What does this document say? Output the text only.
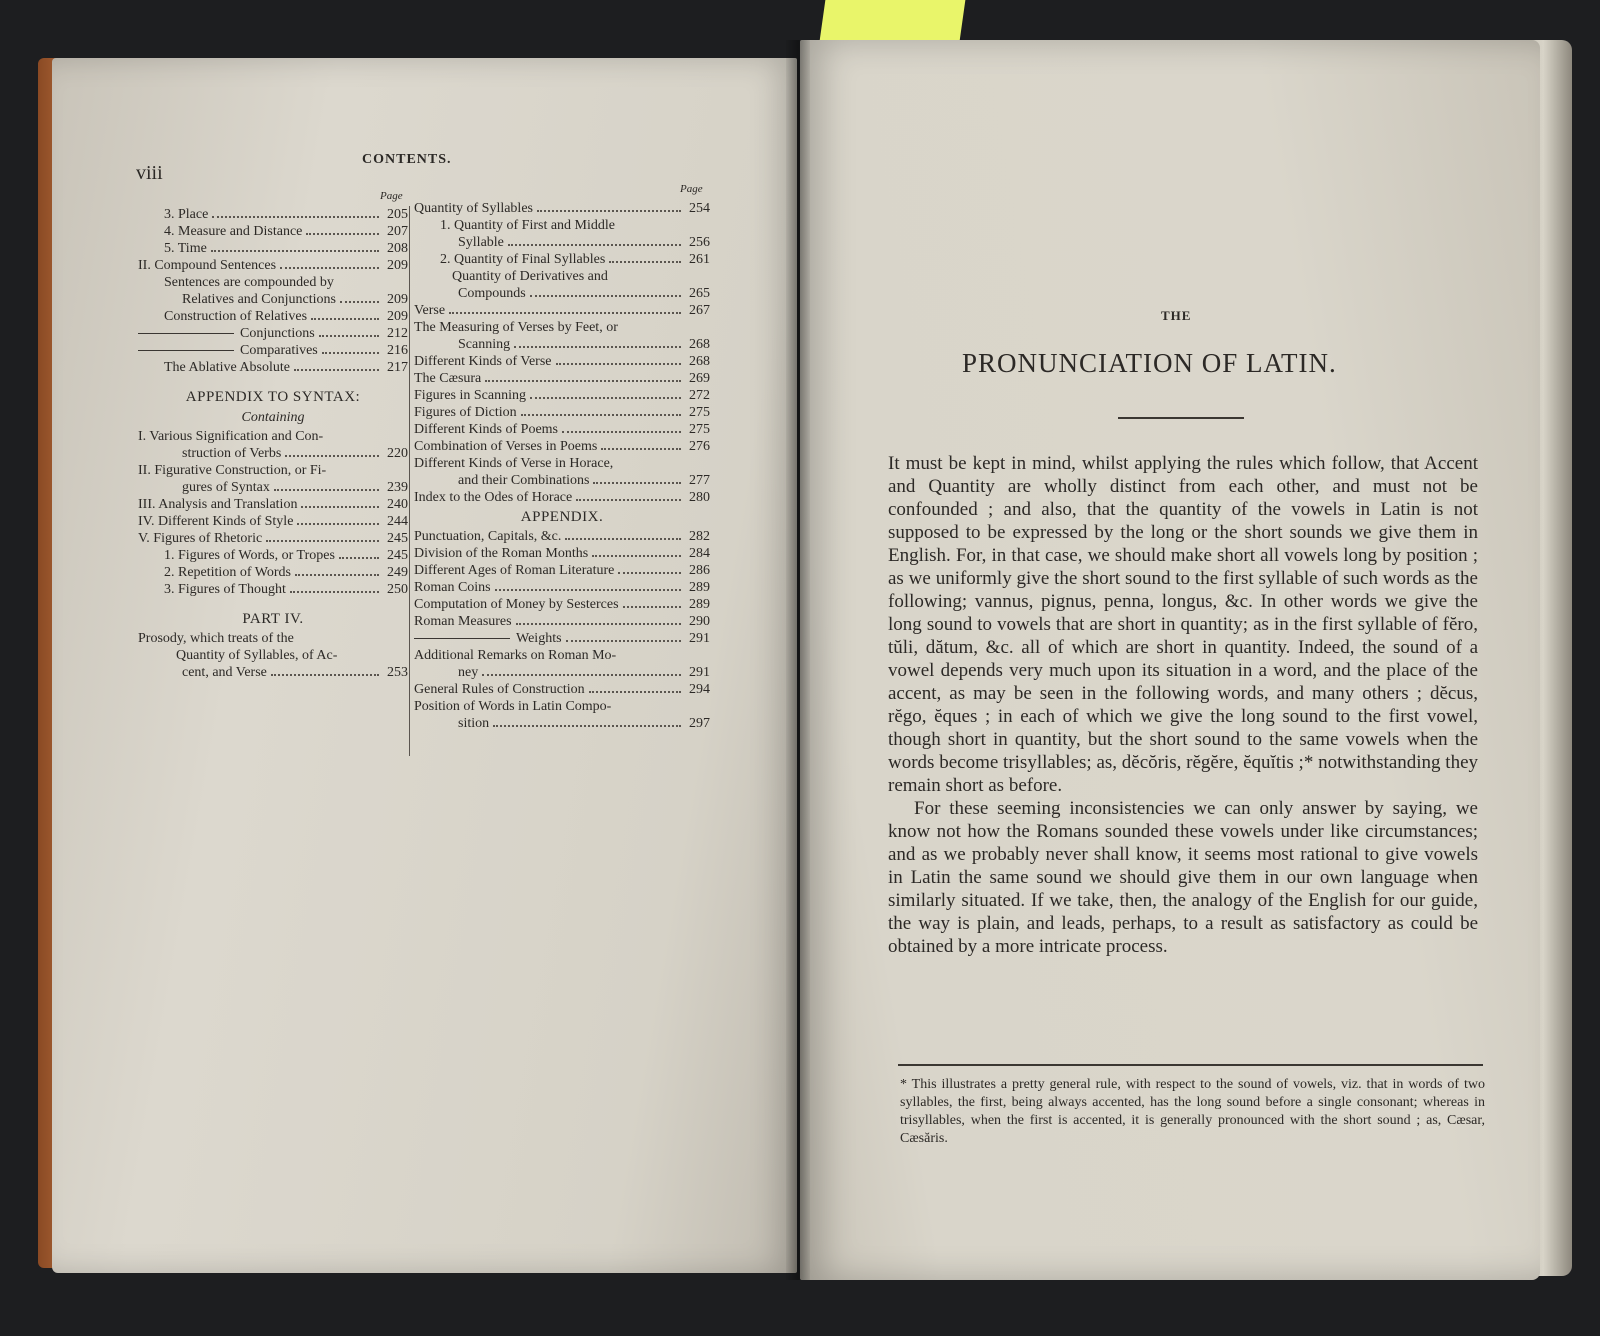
viii
CONTENTS.
Page
Page
3. Place	205
4. Measure and Distance	207
5. Time	208
II. Compound Sentences	209
Sentences are compounded by
Relatives and Conjunctions	209
Construction of Relatives	209
Conjunctions	212
Comparatives	216
The Ablative Absolute	217
APPENDIX TO SYNTAX:
Containing
I. Various Signification and Con-
struction of Verbs	220
II. Figurative Construction, or Fi-
gures of Syntax	239
III. Analysis and Translation	240
IV. Different Kinds of Style	244
V. Figures of Rhetoric	245
1. Figures of Words, or Tropes	245
2. Repetition of Words	249
3. Figures of Thought	250
PART IV.
Prosody, which treats of the
Quantity of Syllables, of Ac-
cent, and Verse	253
Quantity of Syllables	254
1. Quantity of First and Middle
Syllable	256
2. Quantity of Final Syllables	261
Quantity of Derivatives and
Compounds	265
Verse	267
The Measuring of Verses by Feet, or
Scanning	268
Different Kinds of Verse	268
The Cæsura	269
Figures in Scanning	272
Figures of Diction	275
Different Kinds of Poems	275
Combination of Verses in Poems	276
Different Kinds of Verse in Horace,
and their Combinations	277
Index to the Odes of Horace	280
APPENDIX.
Punctuation, Capitals, &c.	282
Division of the Roman Months	284
Different Ages of Roman Literature	286
Roman Coins	289
Computation of Money by Sesterces	289
Roman Measures	290
Weights	291
Additional Remarks on Roman Mo-
ney	291
General Rules of Construction	294
Position of Words in Latin Compo-
sition	297
THE
PRONUNCIATION OF LATIN.

It must be kept in mind, whilst applying the rules which follow, that Accent and Quantity are wholly distinct from each other, and must not be confounded ; and also, that the quantity of the vowels in Latin is not supposed to be expressed by the long or the short sounds we give them in English. For, in that case, we should make short all vowels long by position ; as we uniformly give the short sound to the first syllable of such words as the following; vannus, pignus, penna, longus, &c. In other words we give the long sound to vowels that are short in quantity; as in the first syllable of fĕro, tŭli, dătum, &c. all of which are short in quantity. Indeed, the sound of a vowel depends very much upon its situation in a word, and the place of the accent, as may be seen in the following words, and many others ; dĕcus, rĕgo, ĕques ; in each of which we give the long sound to the first vowel, though short in quantity, but the short sound to the same vowels when the words become trisyllables; as, dĕcŏris, rĕgĕre, ĕquĭtis ;* notwithstanding they remain short as before.

For these seeming inconsistencies we can only answer by saying, we know not how the Romans sounded these vowels under like circumstances; and as we probably never shall know, it seems most rational to give vowels in Latin the same sound we should give them in our own language when similarly situated. If we take, then, the analogy of the English for our guide, the way is plain, and leads, perhaps, to a result as satisfactory as could be obtained by a more intricate process.

* This illustrates a pretty general rule, with respect to the sound of vowels, viz. that in words of two syllables, the first, being always accented, has the long sound before a single consonant; whereas in trisyllables, when the first is accented, it is generally pronounced with the short sound ; as, Cæsar, Cæsăris.
